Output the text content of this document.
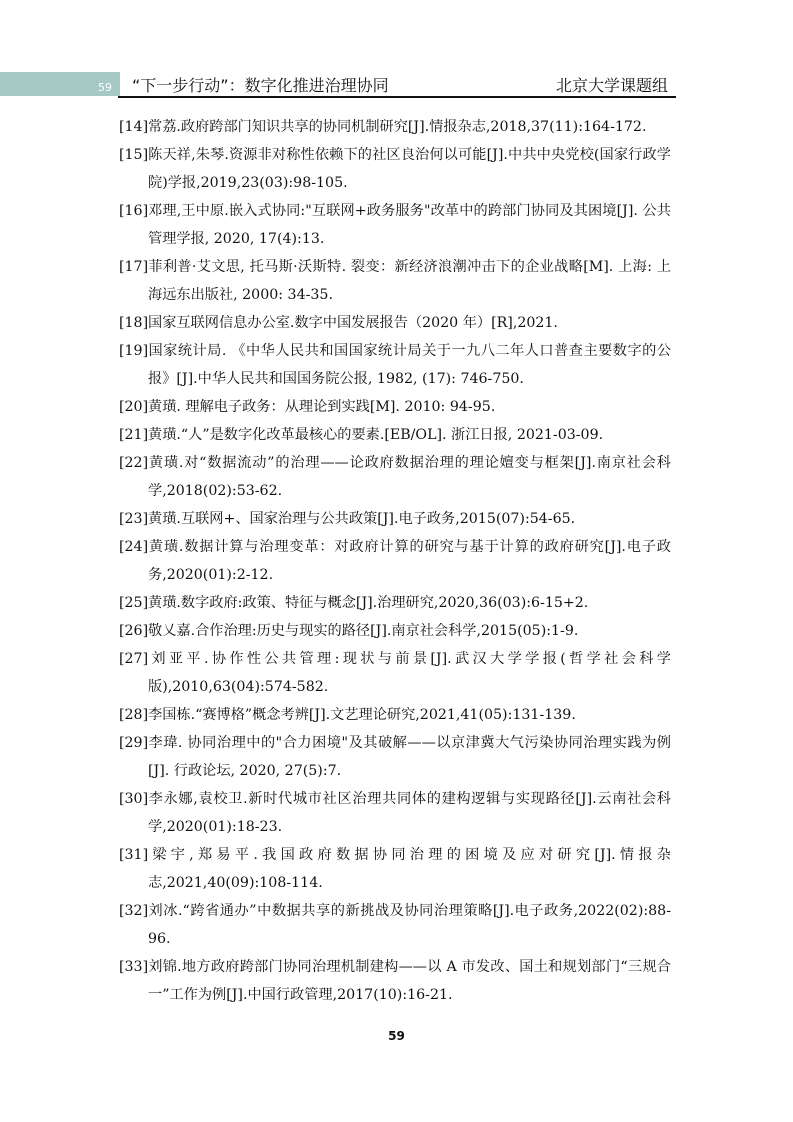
59 “下一步行动”：数字化推进治理协同	北京大学课题组
[14]常荔.政府跨部门知识共享的协同机制研究[J].情报杂志,2018,37(11):164-172.
[15]陈天祥,朱琴.资源非对称性依赖下的社区良治何以可能[J].中共中央党校(国家行政学院)学报,2019,23(03):98-105.
[16]邓理,王中原.嵌入式协同:"互联网+政务服务"改革中的跨部门协同及其困境[J]. 公共管理学报, 2020, 17(4):13.
[17]菲利普·艾文思, 托马斯·沃斯特. 裂变：新经济浪潮冲击下的企业战略[M]. 上海: 上海远东出版社, 2000: 34-35.
[18]国家互联网信息办公室.数字中国发展报告（2020 年）[R],2021.
[19]国家统计局. 《中华人民共和国国家统计局关于一九八二年人口普查主要数字的公报》[J].中华人民共和国国务院公报, 1982, (17): 746-750.
[20]黄璜. 理解电子政务：从理论到实践[M]. 2010: 94-95.
[21]黄璜.“人”是数字化改革最核心的要素.[EB/OL]. 浙江日报, 2021-03-09.
[22]黄璜.对“数据流动”的治理——论政府数据治理的理论嬗变与框架[J].南京社会科学,2018(02):53-62.
[23]黄璜.互联网+、国家治理与公共政策[J].电子政务,2015(07):54-65.
[24]黄璜.数据计算与治理变革：对政府计算的研究与基于计算的政府研究[J].电子政务,2020(01):2-12.
[25]黄璜.数字政府:政策、特征与概念[J].治理研究,2020,36(03):6-15+2.
[26]敬乂嘉.合作治理:历史与现实的路径[J].南京社会科学,2015(05):1-9.
[27]刘亚平.协作性公共管理:现状与前景[J].武汉大学学报(哲学社会科学版),2010,63(04):574-582.
[28]李国栋.“赛博格”概念考辨[J].文艺理论研究,2021,41(05):131-139.
[29]李瑋. 协同治理中的"合力困境"及其破解——以京津冀大气污染协同治理实践为例[J]. 行政论坛, 2020, 27(5):7.
[30]李永娜,袁校卫.新时代城市社区治理共同体的建构逻辑与实现路径[J].云南社会科学,2020(01):18-23.
[31]梁宇,郑易平.我国政府数据协同治理的困境及应对研究[J].情报杂志,2021,40(09):108-114.
[32]刘冰.“跨省通办”中数据共享的新挑战及协同治理策略[J].电子政务,2022(02):88-96.
[33]刘锦.地方政府跨部门协同治理机制建构——以 A 市发改、国土和规划部门“三规合一”工作为例[J].中国行政管理,2017(10):16-21.
59
